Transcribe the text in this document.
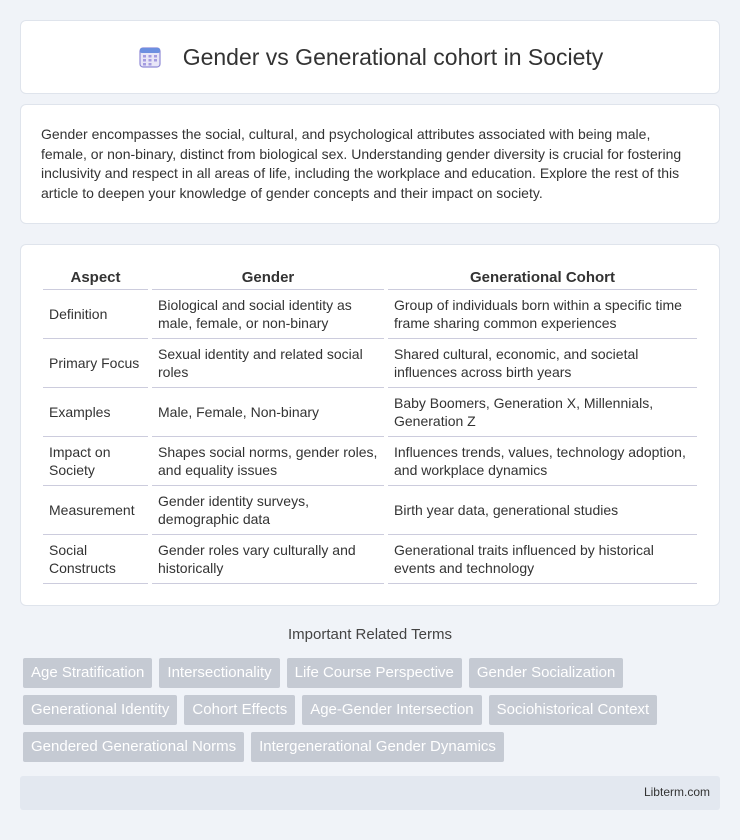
Gender vs Generational cohort in Society

Gender encompasses the social, cultural, and psychological attributes associated with being male, female, or non-binary, distinct from biological sex. Understanding gender diversity is crucial for fostering inclusivity and respect in all areas of life, including the workplace and education. Explore the rest of this article to deepen your knowledge of gender concepts and their impact on society.

Aspect	Gender	Generational Cohort
Definition	Biological and social identity as male, female, or non-binary	Group of individuals born within a specific time frame sharing common experiences
Primary Focus	Sexual identity and related social roles	Shared cultural, economic, and societal influences across birth years
Examples	Male, Female, Non-binary	Baby Boomers, Generation X, Millennials, Generation Z
Impact on Society	Shapes social norms, gender roles, and equality issues	Influences trends, values, technology adoption, and workplace dynamics
Measurement	Gender identity surveys, demographic data	Birth year data, generational studies
Social Constructs	Gender roles vary culturally and historically	Generational traits influenced by historical events and technology
Important Related Terms
Age Stratification	Intersectionality	Life Course Perspective	Gender Socialization
Generational Identity	Cohort Effects	Age-Gender Intersection	Sociohistorical Context
Gendered Generational Norms	Intergenerational Gender Dynamics
Libterm.com
